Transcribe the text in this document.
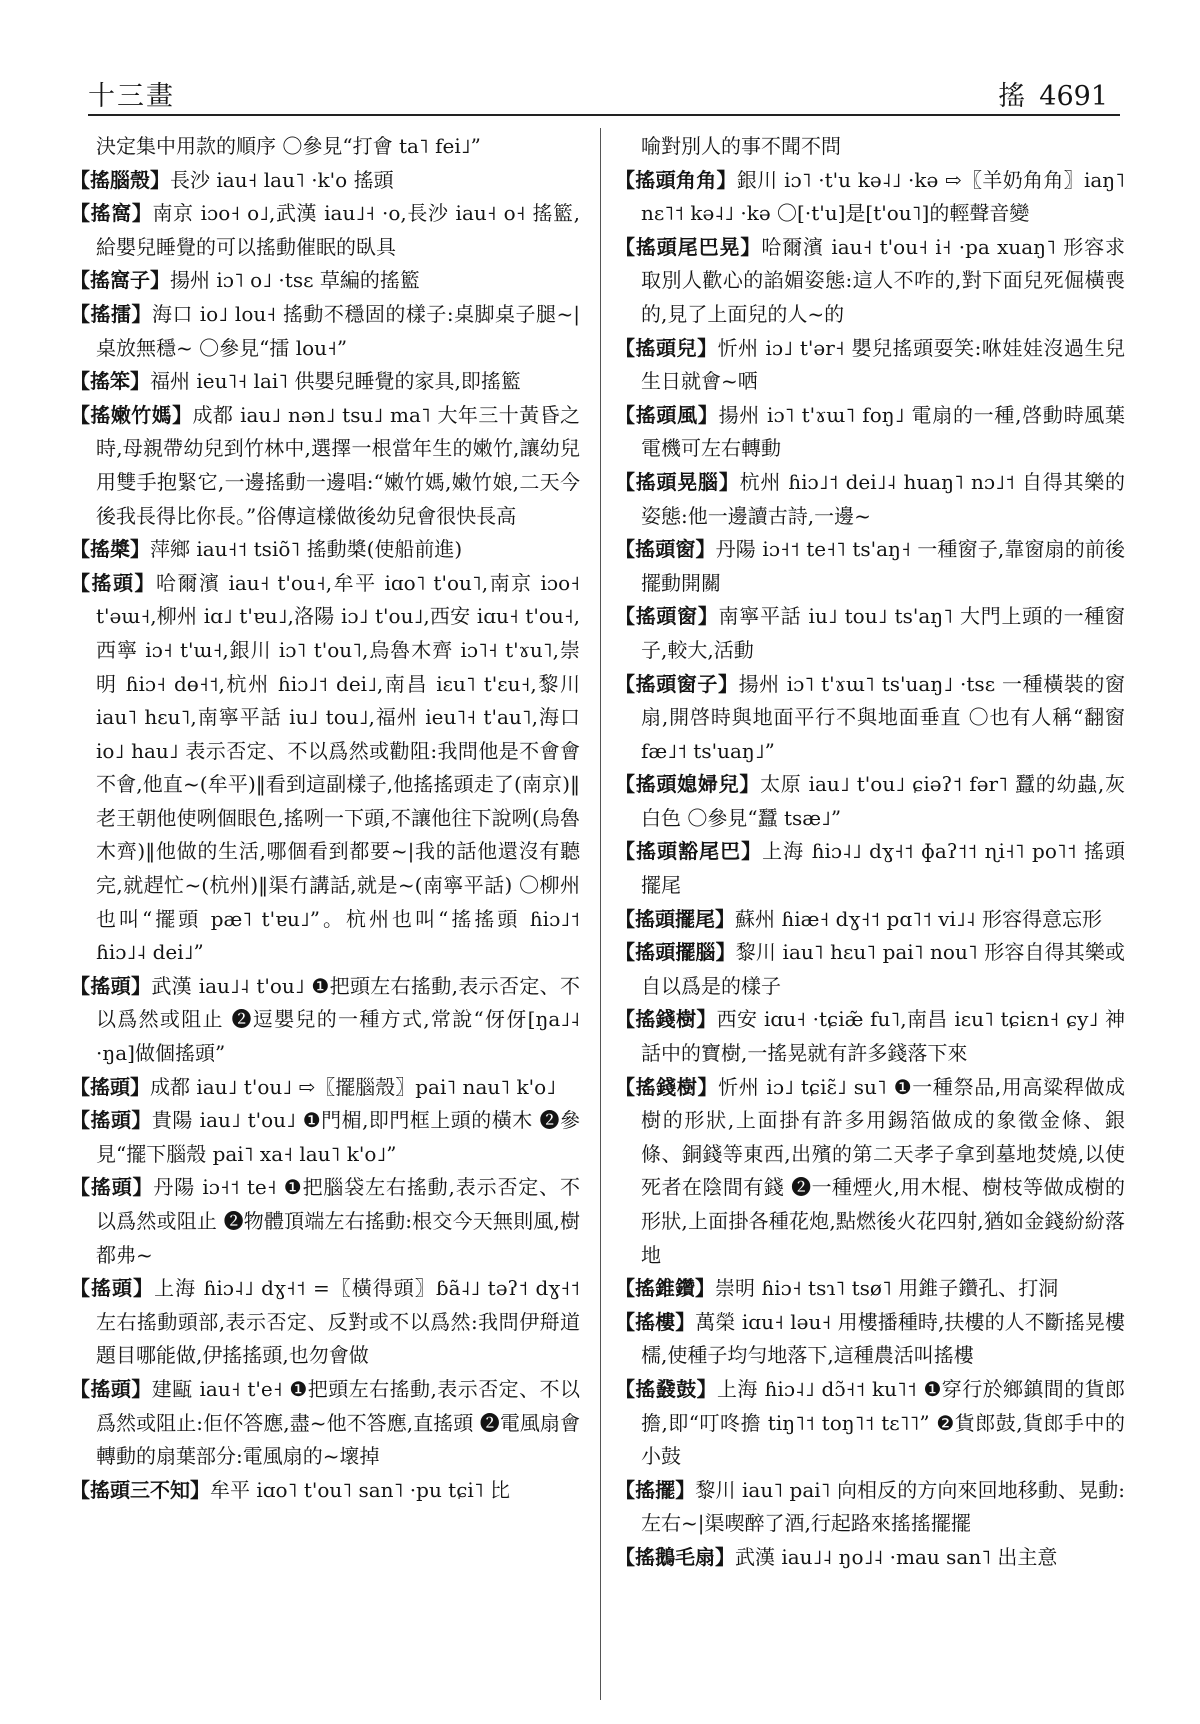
十三畫	搖 4691

決定集中用款的順序 〇參見“打會 ta˥ fei˩”

【搖腦殼】長沙 iau˧ lau˥ ·k'o 搖頭

【搖窩】南京 iɔo˧ o˩,武漢 iau˩˧ ·o,長沙 iau˧ o˧ 搖籃,給嬰兒睡覺的可以搖動催眠的臥具

【搖窩子】揚州 iɔ˥ o˩ ·tsɛ 草編的搖籃

【搖擂】海口 io˩ lou˧ 搖動不穩固的樣子:桌脚桌子腿~|桌放無穩~ 〇參見“擂 lou˧”

【搖笨】福州 ieu˥˧ lai˥ 供嬰兒睡覺的家具,即搖籃

【搖嫩竹媽】成都 iau˩ nən˩ tsu˩ ma˥ 大年三十黃昏之時,母親帶幼兒到竹林中,選擇一根當年生的嫩竹,讓幼兒用雙手抱緊它,一邊搖動一邊唱:“嫩竹媽,嫩竹娘,二天今後我長得比你長。”俗傳這樣做後幼兒會很快長高

【搖槳】萍鄉 iau˧˦ tsiõ˥ 搖動槳(使船前進)

【搖頭】哈爾濱 iau˧ t'ou˧,牟平 iɑo˥ t'ou˥,南京 iɔo˧ t'əɯ˧,柳州 iɑ˩ t'ɐu˩,洛陽 iɔ˩ t'ou˩,西安 iɑu˧ t'ou˧,西寧 iɔ˧ t'ɯ˧,銀川 iɔ˥ t'ou˥,烏魯木齊 iɔ˥˧ t'ɤu˥,崇明 ɦiɔ˧ dɵ˧˦,杭州 ɦiɔ˩˦ dei˩,南昌 iɛu˥ t'ɛu˧,黎川 iau˥ hɛu˥,南寧平話 iu˩ tou˩,福州 ieu˥˧ t'au˥,海口 io˩ hau˩ 表示否定、不以爲然或勸阻:我問他是不會會不會,他直~(牟平)‖看到這副樣子,他搖搖頭走了(南京)‖老王朝他使咧個眼色,搖咧一下頭,不讓他往下說咧(烏魯木齊)‖他做的生活,哪個看到都要~|我的話他還沒有聽完,就趕忙~(杭州)‖渠冇講話,就是~(南寧平話) 〇柳州也叫“擺頭 pæ˥ t'ɐu˩”。杭州也叫“搖搖頭 ɦiɔ˩˦ ɦiɔ˩˨ dei˩”

【搖頭】武漢 iau˩˨ t'ou˩ ❶把頭左右搖動,表示否定、不以爲然或阻止 ❷逗嬰兒的一種方式,常說“伢伢[ŋa˩˨ ·ŋa]做個搖頭”

【搖頭】成都 iau˩ t'ou˩ ⇨〖擺腦殼〗pai˥ nau˥ k'o˩

【搖頭】貴陽 iau˩ t'ou˩ ❶門楣,即門框上頭的橫木 ❷參見“擺下腦殼 pai˥ xa˧ lau˥ k'o˩”

【搖頭】丹陽 iɔ˧˦ te˧ ❶把腦袋左右搖動,表示否定、不以爲然或阻止 ❷物體頂端左右搖動:根交今天無則風,樹都弗~

【搖頭】上海 ɦiɔ˨˩ dɣ˧˦ =〖橫得頭〗ɓã˨˩ təʔ˦ dɣ˧˦ 左右搖動頭部,表示否定、反對或不以爲然:我問伊搿道題目哪能做,伊搖搖頭,也勿會做

【搖頭】建甌 iau˧ t'e˧ ❶把頭左右搖動,表示否定、不以爲然或阻止:佢伓答應,盡~他不答應,直搖頭 ❷電風扇會轉動的扇葉部分:電風扇的~壞掉

【搖頭三不知】牟平 iɑo˥ t'ou˥ san˥ ·pu tɕi˥ 比

喻對別人的事不聞不問

【搖頭角角】銀川 iɔ˥ ·t'u kə˨˩ ·kə ⇨〖羊奶角角〗iaŋ˥ nɛ˥˦ kə˨˩ ·kə 〇[·t'u]是[t'ou˥]的輕聲音變

【搖頭尾巴晃】哈爾濱 iau˧ t'ou˧ i˧ ·pa xuaŋ˥ 形容求取別人歡心的諂媚姿態:這人不咋的,對下面兒死倔橫喪的,見了上面兒的人~的

【搖頭兒】忻州 iɔ˩ t'ər˧ 嬰兒搖頭耍笑:咻娃娃沒過生兒生日就會~哂

【搖頭風】揚州 iɔ˥ t'ɤɯ˥ foŋ˩ 電扇的一種,啓動時風葉電機可左右轉動

【搖頭晃腦】杭州 ɦiɔ˩˦ dei˩˨ huaŋ˥ nɔ˩˦ 自得其樂的姿態:他一邊讀古詩,一邊~

【搖頭窗】丹陽 iɔ˧˦ te˧˥ ts'aŋ˧ 一種窗子,靠窗扇的前後擺動開關

【搖頭窗】南寧平話 iu˩ tou˩ ts'aŋ˥ 大門上頭的一種窗子,較大,活動

【搖頭窗子】揚州 iɔ˥ t'ɤɯ˥ ts'uaŋ˩ ·tsɛ 一種橫裝的窗扇,開啓時與地面平行不與地面垂直 〇也有人稱“翻窗 fæ˩˦ ts'uaŋ˩”

【搖頭媳婦兒】太原 iau˩ t'ou˩ ɕiəʔ˦ fər˥ 蠶的幼蟲,灰白色 〇參見“蠶 tsæ˩”

【搖頭豁尾巴】上海 ɦiɔ˨˩ dɣ˧˦ ɸaʔ˦˦ ɳi˧˥ po˥˦ 搖頭擺尾

【搖頭擺尾】蘇州 ɦiæ˧ dɣ˧˦ pɑ˥˦ vi˩˨ 形容得意忘形

【搖頭擺腦】黎川 iau˥ hɛu˥ pai˥ nou˥ 形容自得其樂或自以爲是的樣子

【搖錢樹】西安 iɑu˧ ·tɕiæ̃ fu˥,南昌 iɛu˥ tɕiɛn˧ ɕy˩ 神話中的寶樹,一搖晃就有許多錢落下來

【搖錢樹】忻州 iɔ˩ tɕiɛ̃˩ su˥ ❶一種祭品,用高粱稈做成樹的形狀,上面掛有許多用錫箔做成的象徵金條、銀條、銅錢等東西,出殯的第二天孝子拿到墓地焚燒,以使死者在陰間有錢 ❷一種煙火,用木棍、樹枝等做成樹的形狀,上面掛各種花炮,點燃後火花四射,猶如金錢紛紛落地

【搖錐鑽】崇明 ɦiɔ˧ tsɿ˥ tsø˥ 用錐子鑽孔、打洞

【搖樓】萬榮 iɑu˧ ləu˧ 用樓播種時,扶樓的人不斷搖晃樓檽,使種子均勻地落下,這種農活叫搖樓

【搖鼗鼓】上海 ɦiɔ˨˩ dɔ̃˧˦ ku˥˦ ❶穿行於鄉鎮間的貨郎擔,即“叮咚擔 tiŋ˥˦ toŋ˥˦ tɛ˥˥” ❷貨郎鼓,貨郎手中的小鼓

【搖擺】黎川 iau˥ pai˥ 向相反的方向來回地移動、晃動:左右~|渠喫醉了酒,行起路來搖搖擺擺

【搖鵝毛扇】武漢 iau˩˨ ŋo˩˨ ·mau san˥ 出主意
